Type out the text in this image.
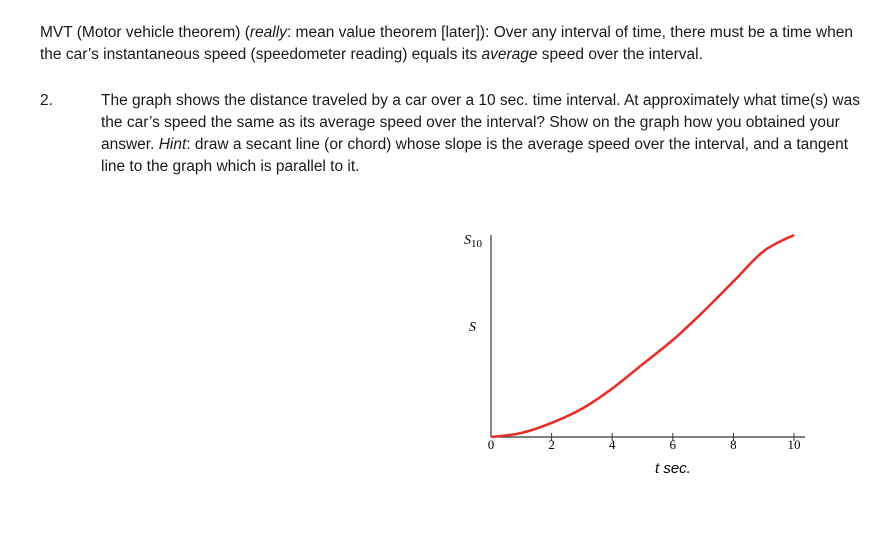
MVT (Motor vehicle theorem) (really: mean value theorem [later]): Over any interval of time, there must be a time when the car’s instantaneous speed (speedometer reading) equals its average speed over the interval.
2.	The graph shows the distance traveled by a car over a 10 sec. time interval. At approximately what time(s) was the car’s speed the same as its average speed over the interval? Show on the graph how you obtained your answer. Hint: draw a secant line (or chord) whose slope is the average speed over the interval, and a tangent line to the graph which is parallel to it.
$S_{10}$
S
t sec.
0	2	4	6	8	10
